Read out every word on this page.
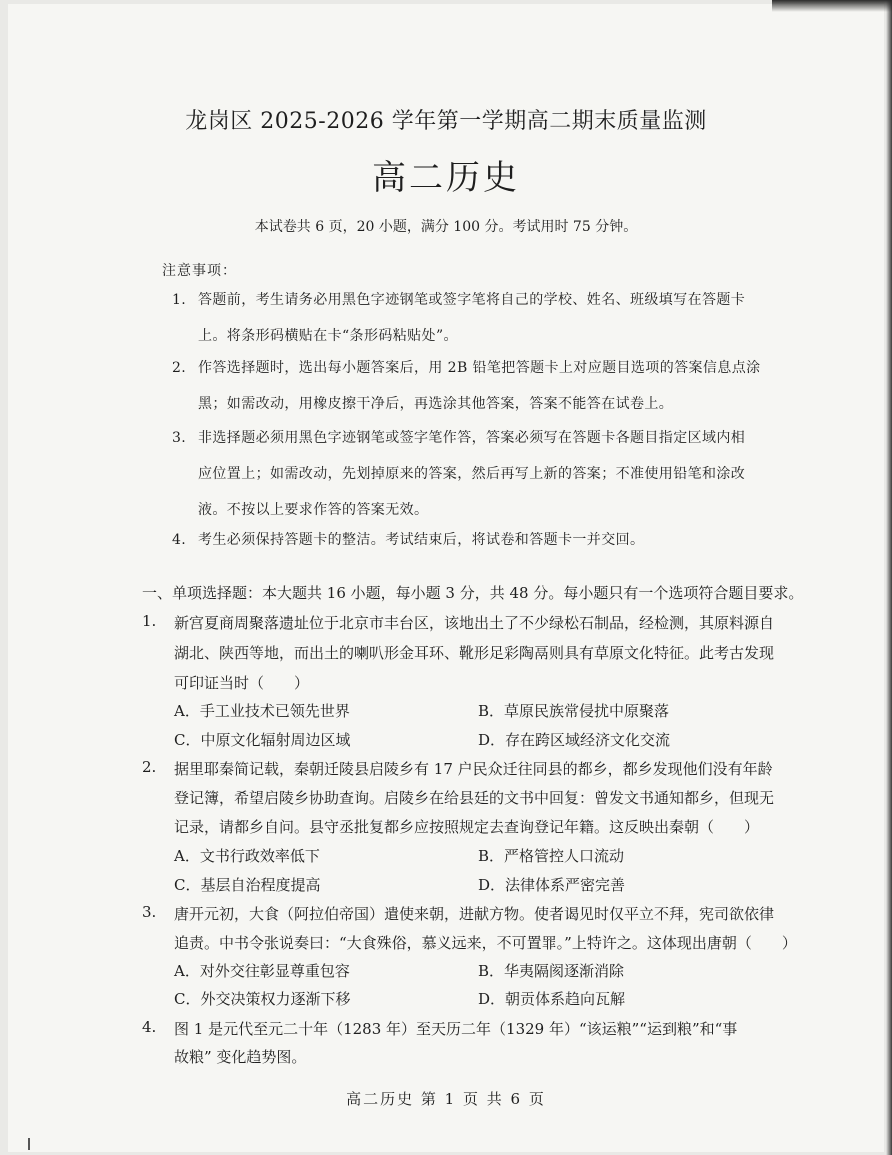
龙岗区 2025-2026 学年第一学期高二期末质量监测
高二历史
本试卷共 6 页，20 小题，满分 100 分。考试用时 75 分钟。
注意事项：
1. 答题前，考生请务必用黑色字迹钢笔或签字笔将自己的学校、姓名、班级填写在答题卡
上。将条形码横贴在卡“条形码粘贴处”。
2. 作答选择题时，选出每小题答案后，用 2B 铅笔把答题卡上对应题目选项的答案信息点涂
黑；如需改动，用橡皮擦干净后，再选涂其他答案，答案不能答在试卷上。
3. 非选择题必须用黑色字迹钢笔或签字笔作答，答案必须写在答题卡各题目指定区域内相
应位置上；如需改动，先划掉原来的答案，然后再写上新的答案；不准使用铅笔和涂改
液。不按以上要求作答的答案无效。
4. 考生必须保持答题卡的整洁。考试结束后，将试卷和答题卡一并交回。
一、单项选择题：本大题共 16 小题，每小题 3 分，共 48 分。每小题只有一个选项符合题目要求。
1. 新宫夏商周聚落遗址位于北京市丰台区，该地出土了不少绿松石制品，经检测，其原料源自
湖北、陕西等地，而出土的喇叭形金耳环、靴形足彩陶鬲则具有草原文化特征。此考古发现
可印证当时（　　）
A．手工业技术已领先世界	B．草原民族常侵扰中原聚落
C．中原文化辐射周边区域	D．存在跨区域经济文化交流
2. 据里耶秦简记载，秦朝迁陵县启陵乡有 17 户民众迁往同县的都乡，都乡发现他们没有年龄
登记簿，希望启陵乡协助查询。启陵乡在给县廷的文书中回复：曾发文书通知都乡，但现无
记录，请都乡自问。县守丞批复都乡应按照规定去查询登记年籍。这反映出秦朝（　　）
A．文书行政效率低下	B．严格管控人口流动
C．基层自治程度提高	D．法律体系严密完善
3. 唐开元初，大食（阿拉伯帝国）遣使来朝，进献方物。使者谒见时仅平立不拜，宪司欲依律
追责。中书令张说奏曰：“大食殊俗，慕义远来，不可置罪。”上特许之。这体现出唐朝（　　）
A．对外交往彰显尊重包容	B．华夷隔阂逐渐消除
C．外交决策权力逐渐下移	D．朝贡体系趋向瓦解
4. 图 1 是元代至元二十年（1283 年）至天历二年（1329 年）“该运粮”“运到粮”和“事
故粮” 变化趋势图。
高二历史 第 1 页 共 6 页
